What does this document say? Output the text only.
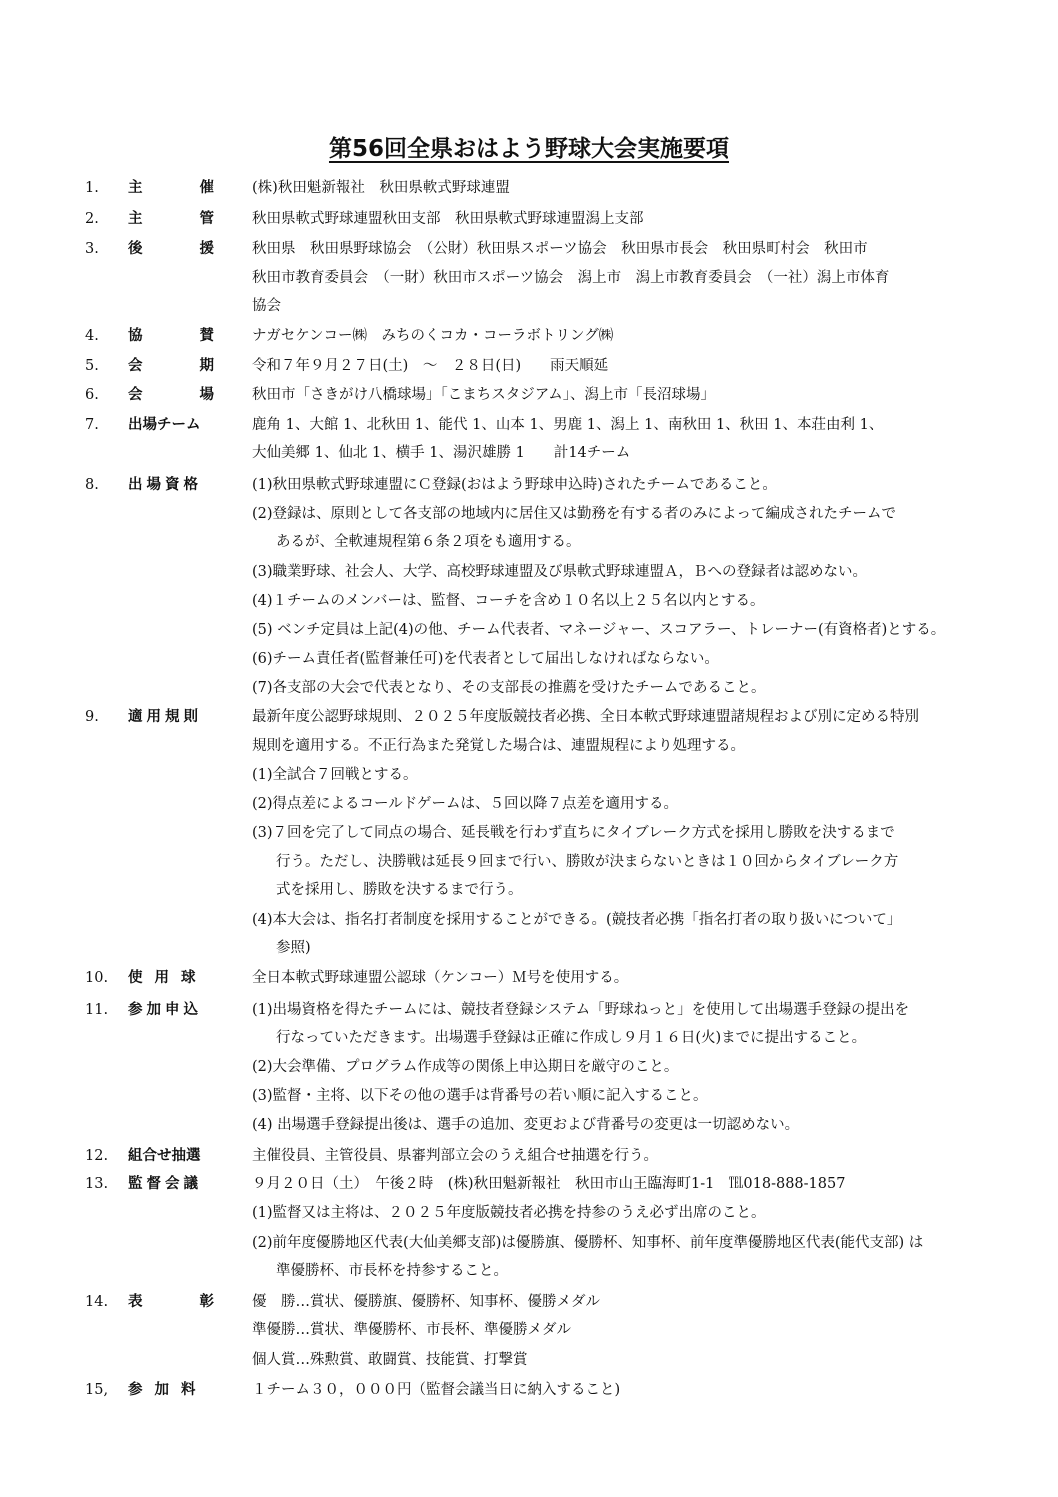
第56回全県おはよう野球大会実施要項
1. 主	催	(株)秋田魁新報社　秋田県軟式野球連盟
2. 主	管	秋田県軟式野球連盟秋田支部　秋田県軟式野球連盟潟上支部
3. 後	援	秋田県　秋田県野球協会　（公財）秋田県スポーツ協会　秋田県市長会　秋田県町村会　秋田市
秋田市教育委員会　（一財）秋田市スポーツ協会　潟上市　潟上市教育委員会　（一社）潟上市体育
協会
4. 協	賛	ナガセケンコー㈱　みちのくコカ・コーラボトリング㈱
5. 会	期	令和７年９月２７日(土)　～　２８日(日)　　雨天順延
6. 会	場	秋田市「さきがけ八橋球場」「こまちスタジアム」、潟上市「長沼球場」
7. 出場チーム	鹿角 1、大館 1、北秋田 1、能代 1、山本 1、男鹿 1、潟上 1、南秋田 1、秋田 1、本荘由利 1、
大仙美郷 1、仙北 1、横手 1、湯沢雄勝 1　　計14チーム
8. 出場資格	(1)秋田県軟式野球連盟にＣ登録(おはよう野球申込時)されたチームであること。
(2)登録は、原則として各支部の地域内に居住又は勤務を有する者のみによって編成されたチームで
あるが、全軟連規程第６条２項をも適用する。
(3)職業野球、社会人、大学、高校野球連盟及び県軟式野球連盟Ａ，Ｂへの登録者は認めない。
(4)１チームのメンバーは、監督、コーチを含め１０名以上２５名以内とする。
(5) ベンチ定員は上記(4)の他、チーム代表者、マネージャー、スコアラー、トレーナー(有資格者)とする。
(6)チーム責任者(監督兼任可)を代表者として届出しなければならない。
(7)各支部の大会で代表となり、その支部長の推薦を受けたチームであること。
9. 適用規則	最新年度公認野球規則、２０２５年度版競技者必携、全日本軟式野球連盟諸規程および別に定める特別
規則を適用する。不正行為また発覚した場合は、連盟規程により処理する。
(1)全試合７回戦とする。
(2)得点差によるコールドゲームは、５回以降７点差を適用する。
(3)７回を完了して同点の場合、延長戦を行わず直ちにタイブレーク方式を採用し勝敗を決するまで
行う。ただし、決勝戦は延長９回まで行い、勝敗が決まらないときは１０回からタイブレーク方
式を採用し、勝敗を決するまで行う。
(4)本大会は、指名打者制度を採用することができる。(競技者必携「指名打者の取り扱いについて」
参照)
10. 使用球	全日本軟式野球連盟公認球（ケンコー）Ｍ号を使用する。
11. 参加申込	(1)出場資格を得たチームには、競技者登録システム「野球ねっと」を使用して出場選手登録の提出を
行なっていただきます。出場選手登録は正確に作成し９月１６日(火)までに提出すること。
(2)大会準備、プログラム作成等の関係上申込期日を厳守のこと。
(3)監督・主将、以下その他の選手は背番号の若い順に記入すること。
(4) 出場選手登録提出後は、選手の追加、変更および背番号の変更は一切認めない。
12. 組合せ抽選	主催役員、主管役員、県審判部立会のうえ組合せ抽選を行う。
13. 監督会議	９月２０日（土）　午後２時　(株)秋田魁新報社　秋田市山王臨海町1-1　℡018-888-1857
(1)監督又は主将は、２０２５年度版競技者必携を持参のうえ必ず出席のこと。
(2)前年度優勝地区代表(大仙美郷支部)は優勝旗、優勝杯、知事杯、前年度準優勝地区代表(能代支部) は
準優勝杯、市長杯を持参すること。
14. 表	彰	優　勝…賞状、優勝旗、優勝杯、知事杯、優勝メダル
準優勝…賞状、準優勝杯、市長杯、準優勝メダル
個人賞…殊勲賞、敢闘賞、技能賞、打撃賞
15, 参加料	１チーム３０，０００円（監督会議当日に納入すること)
